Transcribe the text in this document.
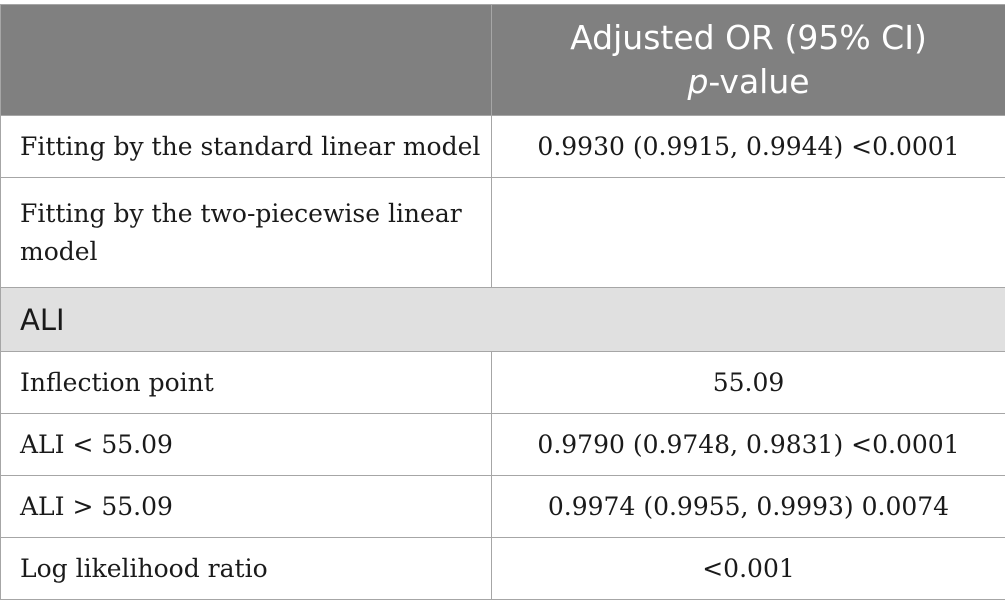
	Adjusted OR (95% CI)
p-value

Fitting by the standard linear model	0.9930 (0.9915, 0.9944) <0.0001
Fitting by the two-piecewise linear model	
ALI	
Inflection point	55.09
ALI < 55.09	0.9790 (0.9748, 0.9831) <0.0001
ALI > 55.09	0.9974 (0.9955, 0.9993) 0.0074
Log likelihood ratio	<0.001
